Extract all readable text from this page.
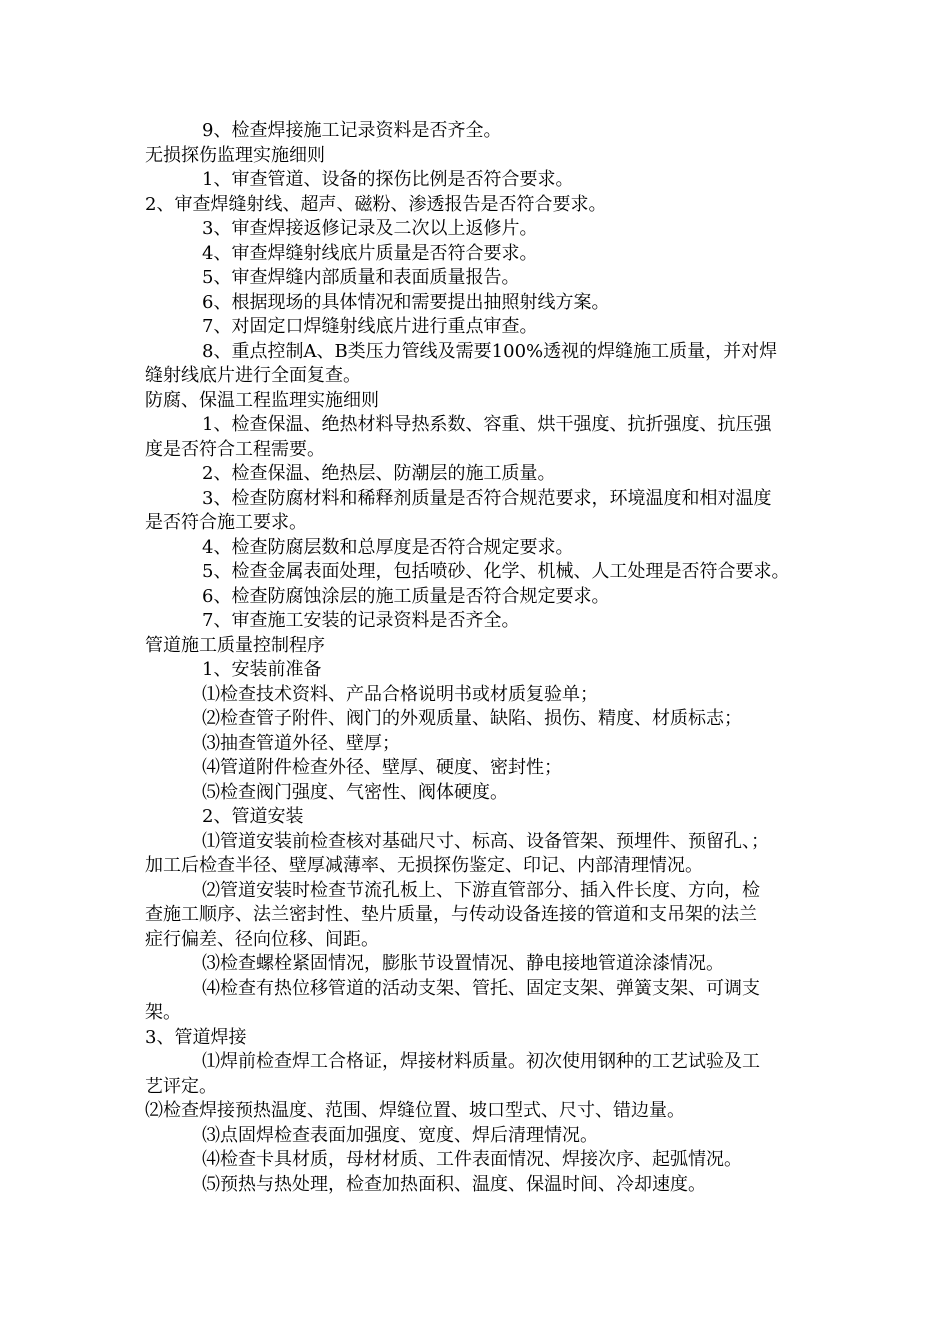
9、检查焊接施工记录资料是否齐全。
无损探伤监理实施细则
1、审查管道、设备的探伤比例是否符合要求。
2、审查焊缝射线、超声、磁粉、渗透报告是否符合要求。
3、审查焊接返修记录及二次以上返修片。
4、审查焊缝射线底片质量是否符合要求。
5、审查焊缝内部质量和表面质量报告。
6、根据现场的具体情况和需要提出抽照射线方案。
7、对固定口焊缝射线底片进行重点审查。
8、重点控制A、B类压力管线及需要100%透视的焊缝施工质量，并对焊
缝射线底片进行全面复查。
防腐、保温工程监理实施细则
1、检查保温、绝热材料导热系数、容重、烘干强度、抗折强度、抗压强
度是否符合工程需要。
2、检查保温、绝热层、防潮层的施工质量。
3、检查防腐材料和稀释剂质量是否符合规范要求，环境温度和相对温度
是否符合施工要求。
4、检查防腐层数和总厚度是否符合规定要求。
5、检查金属表面处理，包括喷砂、化学、机械、人工处理是否符合要求。
6、检查防腐蚀涂层的施工质量是否符合规定要求。
7、审查施工安装的记录资料是否齐全。
管道施工质量控制程序
1、安装前准备
⑴检查技术资料、产品合格说明书或材质复验单；
⑵检查管子附件、阀门的外观质量、缺陷、损伤、精度、材质标志；
⑶抽查管道外径、壁厚；
⑷管道附件检查外径、壁厚、硬度、密封性；
⑸检查阀门强度、气密性、阀体硬度。
2、管道安装
⑴管道安装前检查核对基础尺寸、标高、设备管架、预埋件、预留孔、；
加工后检查半径、壁厚减薄率、无损探伤鉴定、印记、内部清理情况。
⑵管道安装时检查节流孔板上、下游直管部分、插入件长度、方向，检
查施工顺序、法兰密封性、垫片质量，与传动设备连接的管道和支吊架的法兰
症行偏差、径向位移、间距。
⑶检查螺栓紧固情况，膨胀节设置情况、静电接地管道涂漆情况。
⑷检查有热位移管道的活动支架、管托、固定支架、弹簧支架、可调支
架。
3、管道焊接
⑴焊前检查焊工合格证，焊接材料质量。初次使用钢种的工艺试验及工
艺评定。
⑵检查焊接预热温度、范围、焊缝位置、坡口型式、尺寸、错边量。
⑶点固焊检查表面加强度、宽度、焊后清理情况。
⑷检查卡具材质，母材材质、工件表面情况、焊接次序、起弧情况。
⑸预热与热处理，检查加热面积、温度、保温时间、冷却速度。
